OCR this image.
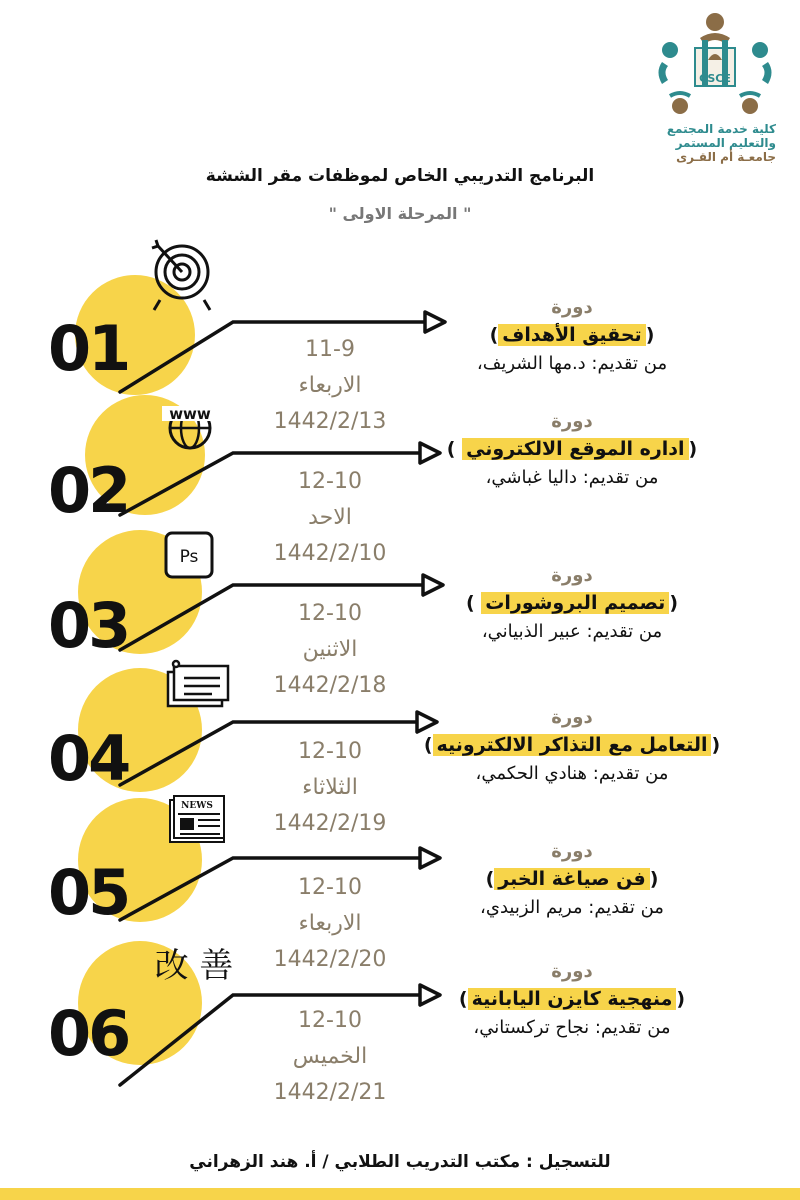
CSCE
كلية خدمة المجتمع
والتعليم المستمر
جامعـة أم القـرى
البرنامج التدريبي الخاص لموظفات مقر الششة
" المرحلة الاولى "
www
Ps
NEWS
改 善
01
02
03
04
05
06
11-9
الاربعاء
1442/2/13
12-10
الاحد
1442/2/10
12-10
الاثنين
1442/2/18
12-10
الثلاثاء
1442/2/19
12-10
الاربعاء
1442/2/20
12-10
الخميس
1442/2/21
دورة
(تحقيق الأهداف)
من تقديم: د.مها الشريف،
دورة
(اداره الموقع الالكتروني )
من تقديم: داليا غباشي،
دورة
(تصميم البروشورات )
من تقديم: عبير الذبياني،
دورة
(التعامل مع التذاكر الالكترونيه)
من تقديم: هنادي الحكمي،
دورة
(فن صياغة الخبر)
من تقديم: مريم الزبيدي،
دورة
(منهجية كايزن اليابانية)
من تقديم: نجاح تركستاني،
للتسجيل : مكتب التدريب الطلابي / أ. هند الزهراني
